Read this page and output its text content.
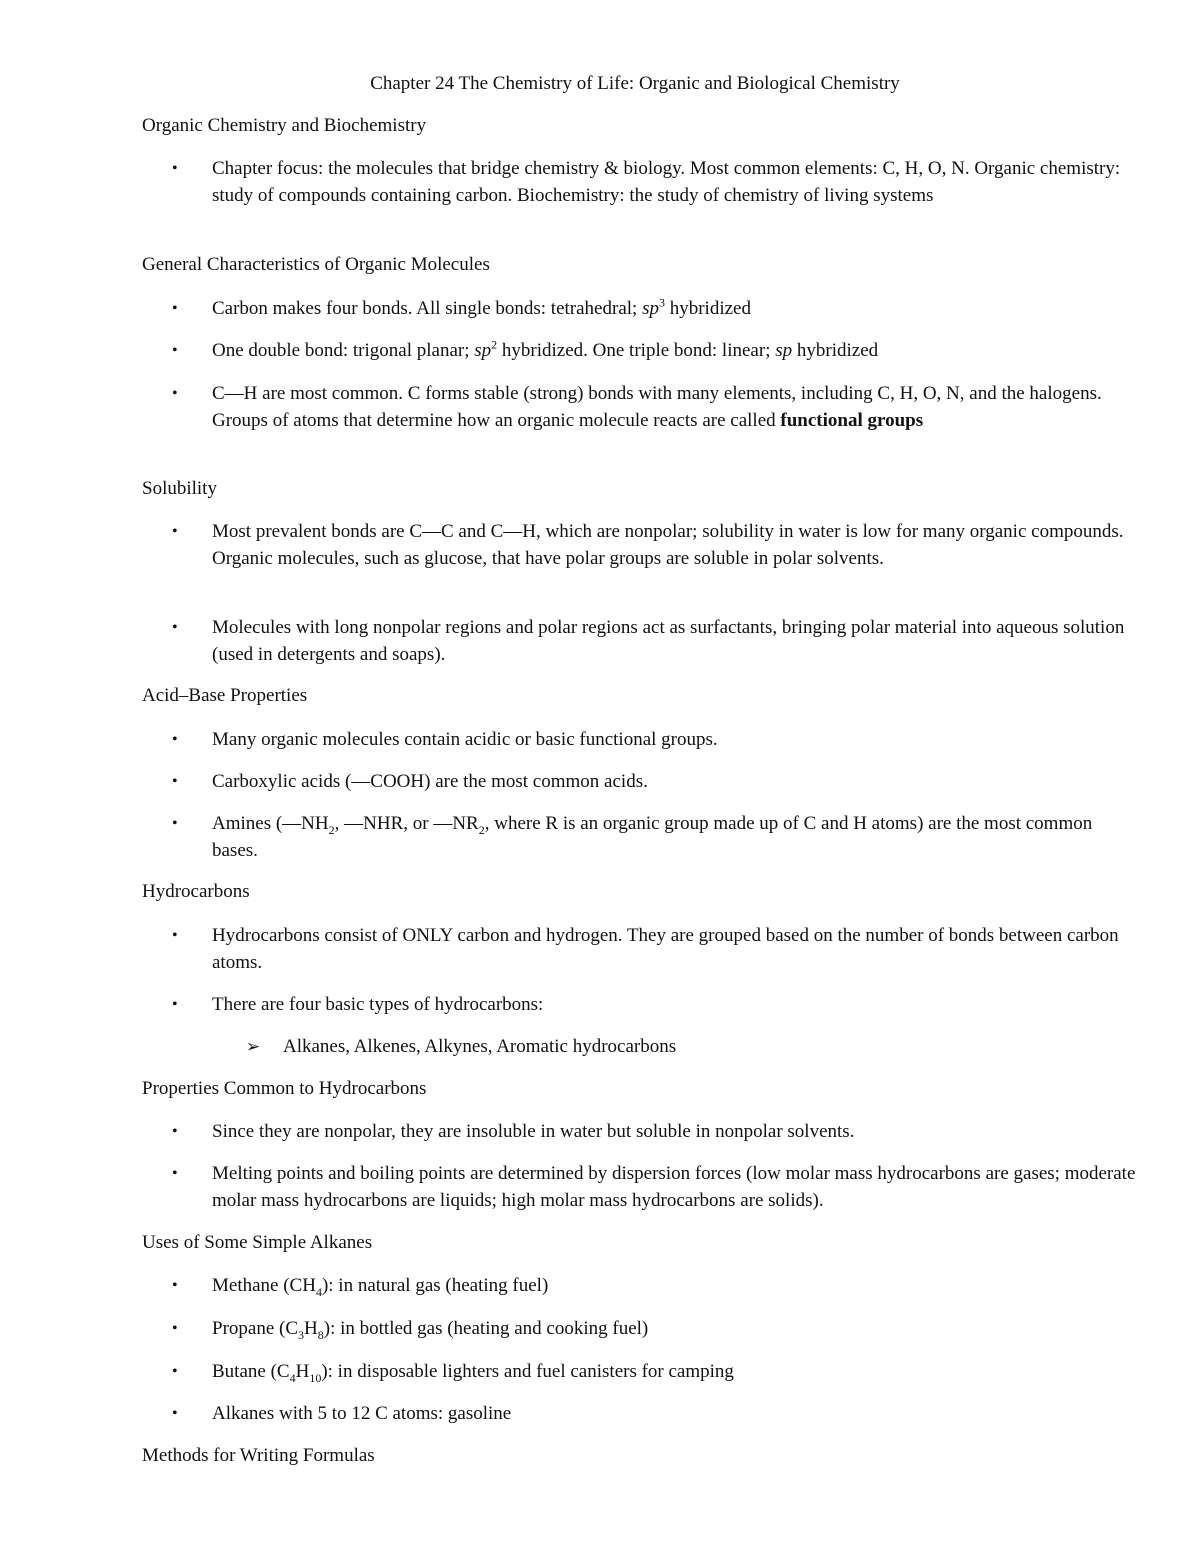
Chapter 24 The Chemistry of Life: Organic and Biological Chemistry
Organic Chemistry and Biochemistry
• Chapter focus: the molecules that bridge chemistry & biology. Most common elements: C, H, O, N. Organic chemistry: study of compounds containing carbon. Biochemistry: the study of chemistry of living systems
General Characteristics of Organic Molecules
• Carbon makes four bonds. All single bonds: tetrahedral; $sp^3$ hybridized
• One double bond: trigonal planar; $sp^2$ hybridized. One triple bond: linear; sp hybridized
• C—H are most common. C forms stable (strong) bonds with many elements, including C, H, O, N, and the halogens. Groups of atoms that determine how an organic molecule reacts are called functional groups
Solubility
• Most prevalent bonds are C—C and C—H, which are nonpolar; solubility in water is low for many organic compounds. Organic molecules, such as glucose, that have polar groups are soluble in polar solvents.
• Molecules with long nonpolar regions and polar regions act as surfactants, bringing polar material into aqueous solution (used in detergents and soaps).
Acid–Base Properties
• Many organic molecules contain acidic or basic functional groups.
• Carboxylic acids (—COOH) are the most common acids.
• Amines ($—NH_2$, —NHR, or $—NR_2$, where R is an organic group made up of C and H atoms) are the most common bases.
Hydrocarbons
• Hydrocarbons consist of ONLY carbon and hydrogen. They are grouped based on the number of bonds between carbon atoms.
• There are four basic types of hydrocarbons:
➢ Alkanes, Alkenes, Alkynes, Aromatic hydrocarbons
Properties Common to Hydrocarbons
• Since they are nonpolar, they are insoluble in water but soluble in nonpolar solvents.
• Melting points and boiling points are determined by dispersion forces (low molar mass hydrocarbons are gases; moderate molar mass hydrocarbons are liquids; high molar mass hydrocarbons are solids).
Uses of Some Simple Alkanes
• Methane $(CH_4)$: in natural gas (heating fuel)
• Propane $(C_3H_8)$: in bottled gas (heating and cooking fuel)
• Butane $(C_4H_{10})$: in disposable lighters and fuel canisters for camping
• Alkanes with 5 to 12 C atoms: gasoline
Methods for Writing Formulas
